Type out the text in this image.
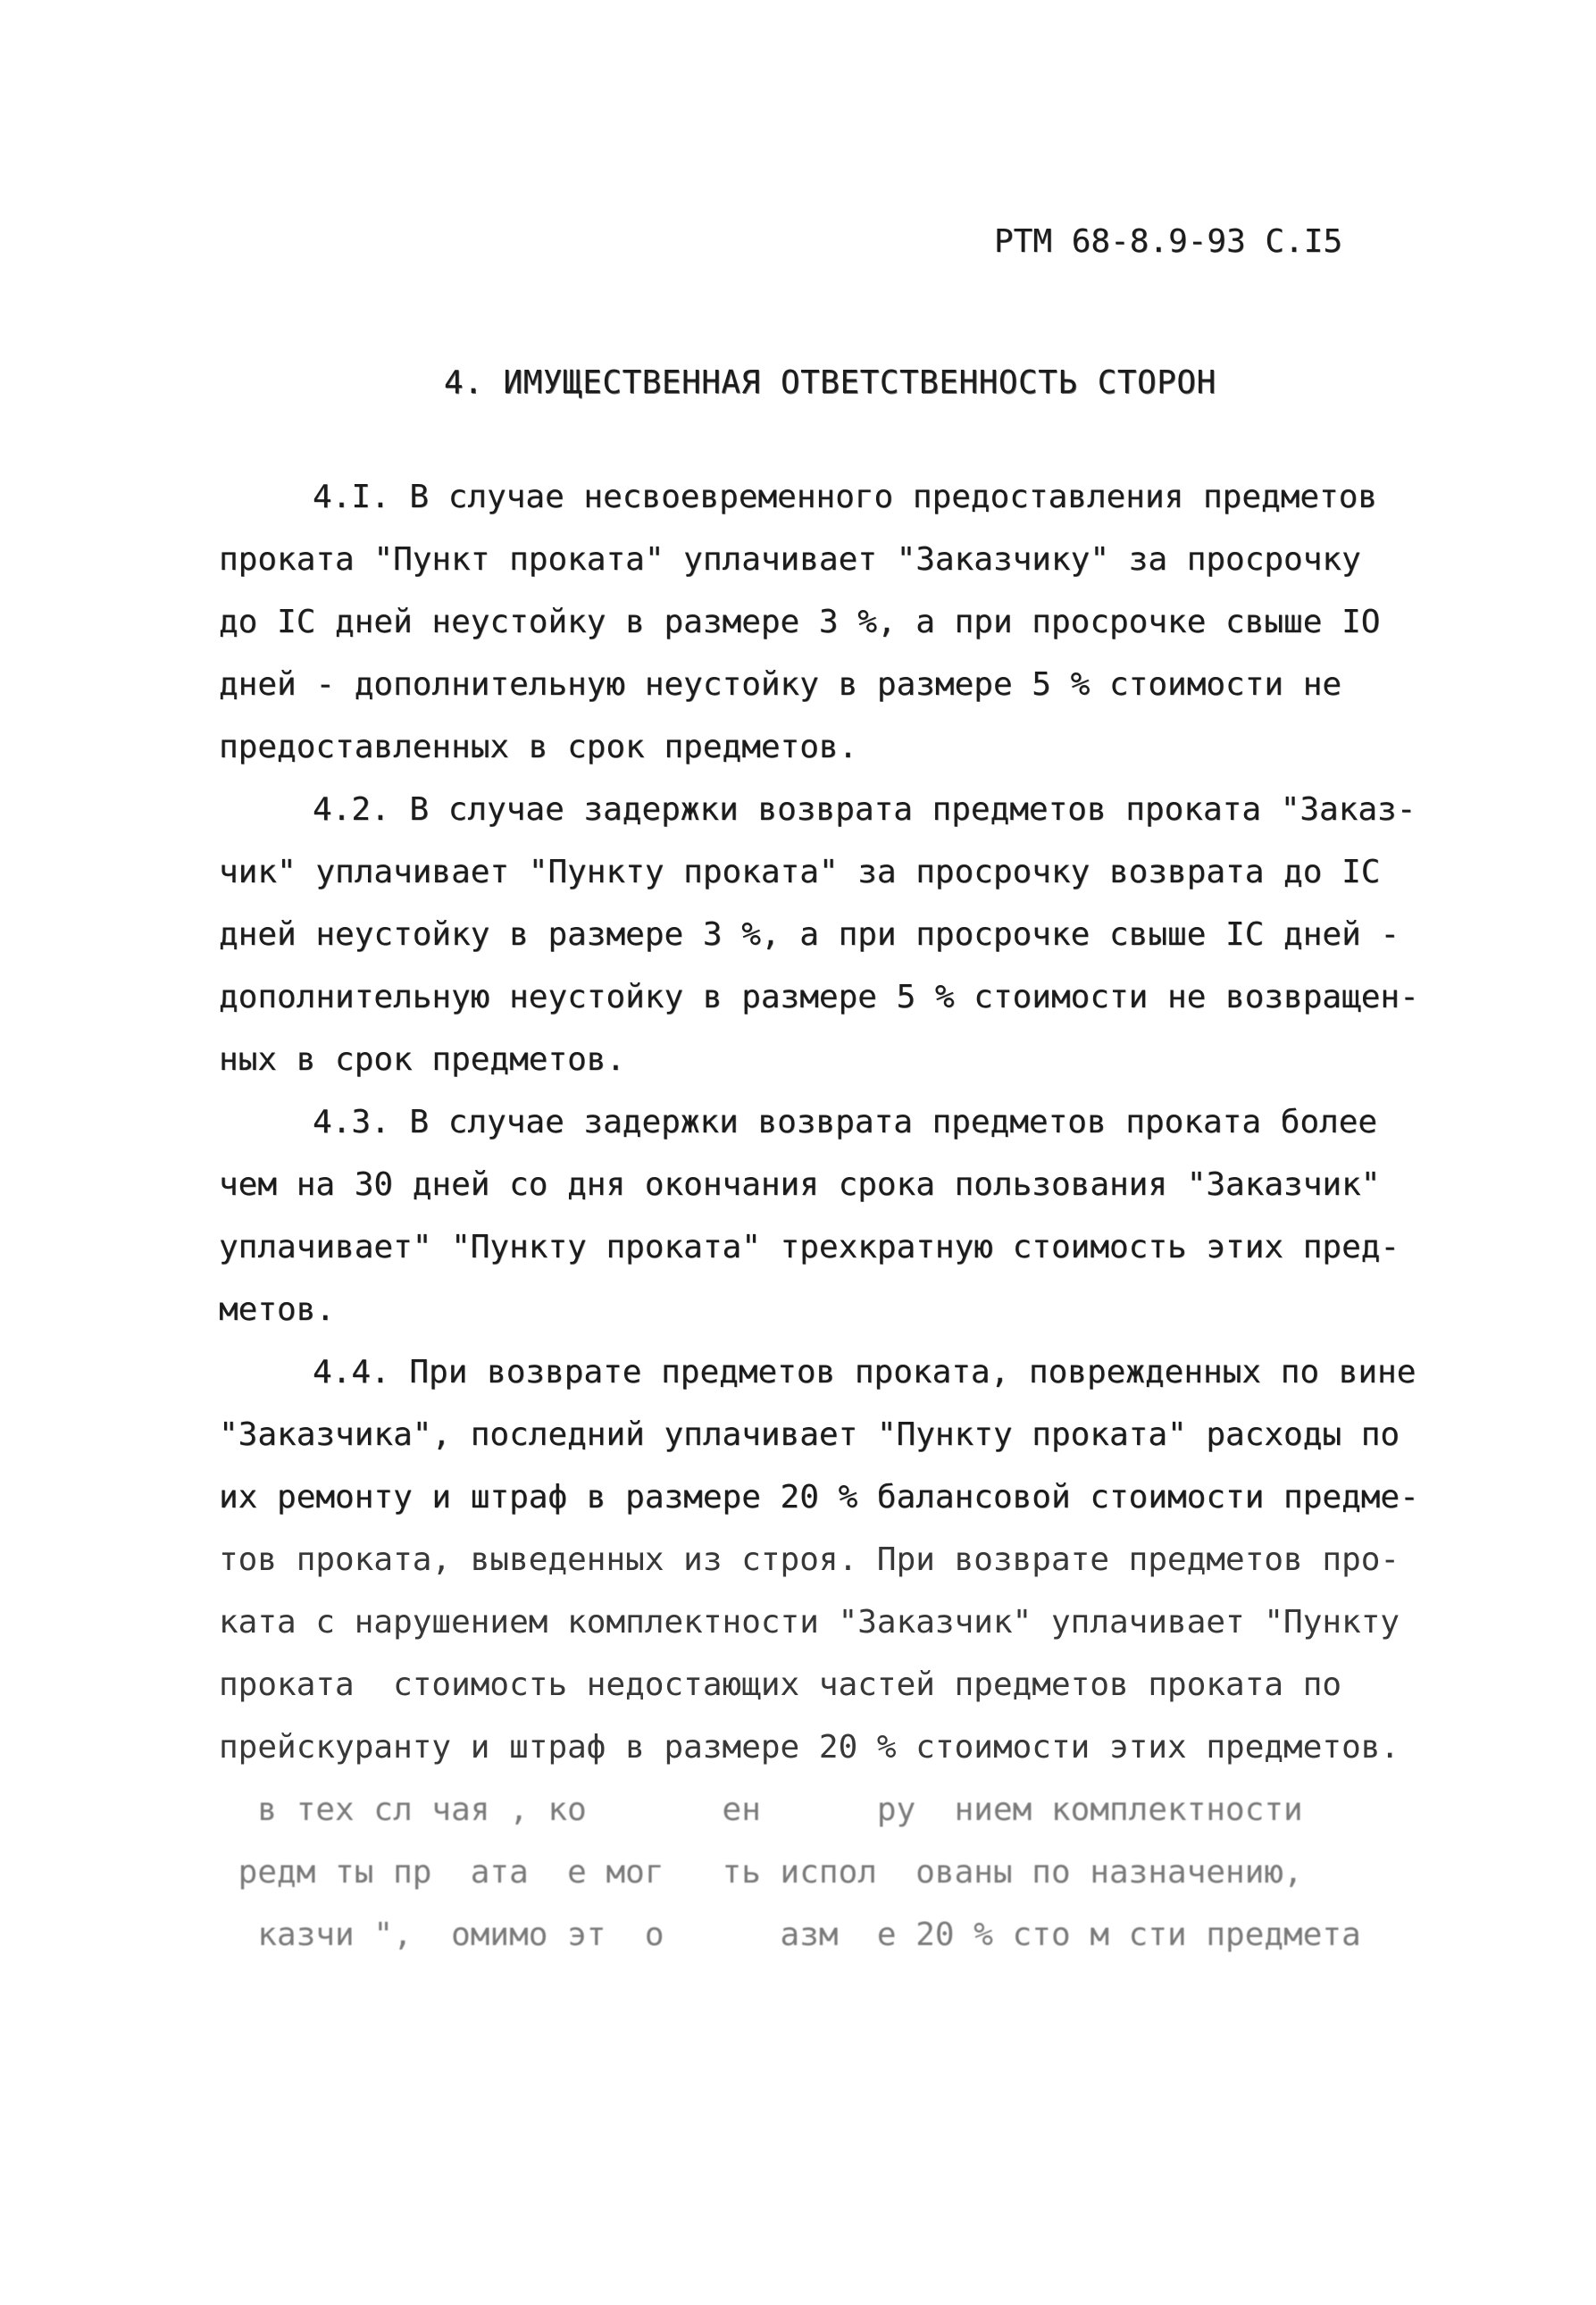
РТМ 68-8.9-93 С.I5
4. ИМУЩЕСТВЕННАЯ ОТВЕТСТВЕННОСТЬ СТОРОН
4.I. В случае несвоевременного предоставления предметов
проката "Пункт проката" уплачивает "Заказчику" за просрочку
до IС дней неустойку в размере 3 %, а при просрочке свыше IО
дней - дополнительную неустойку в размере 5 % стоимости не
предоставленных в срок предметов.
4.2. В случае задержки возврата предметов проката "Заказ-
чик" уплачивает "Пункту проката" за просрочку возврата до IС
дней неустойку в размере 3 %, а при просрочке свыше IС дней -
дополнительную неустойку в размере 5 % стоимости не возвращен-
ных в срок предметов.
4.3. В случае задержки возврата предметов проката более
чем на 30 дней со дня окончания срока пользования "Заказчик"
уплачивает" "Пункту проката" трехкратную стоимость этих пред-
метов.
4.4. При возврате предметов проката, поврежденных по вине
"Заказчика", последний уплачивает "Пункту проката" расходы по
их ремонту и штраф в размере 20 % балансовой стоимости предме-
тов проката, выведенных из строя. При возврате предметов про-
ката с нарушением комплектности "Заказчик" уплачивает "Пункту
проката  стоимость недостающих частей предметов проката по
прейскуранту и штраф в размере 20 % стоимости этих предметов.
в тех сл чая , ко       ен      ру  нием комплектности
редм ты пр  ата  е мог   ть испол  ованы по назначению,
казчи ",  омимо эт  о      азм  е 20 % сто м сти предмета
